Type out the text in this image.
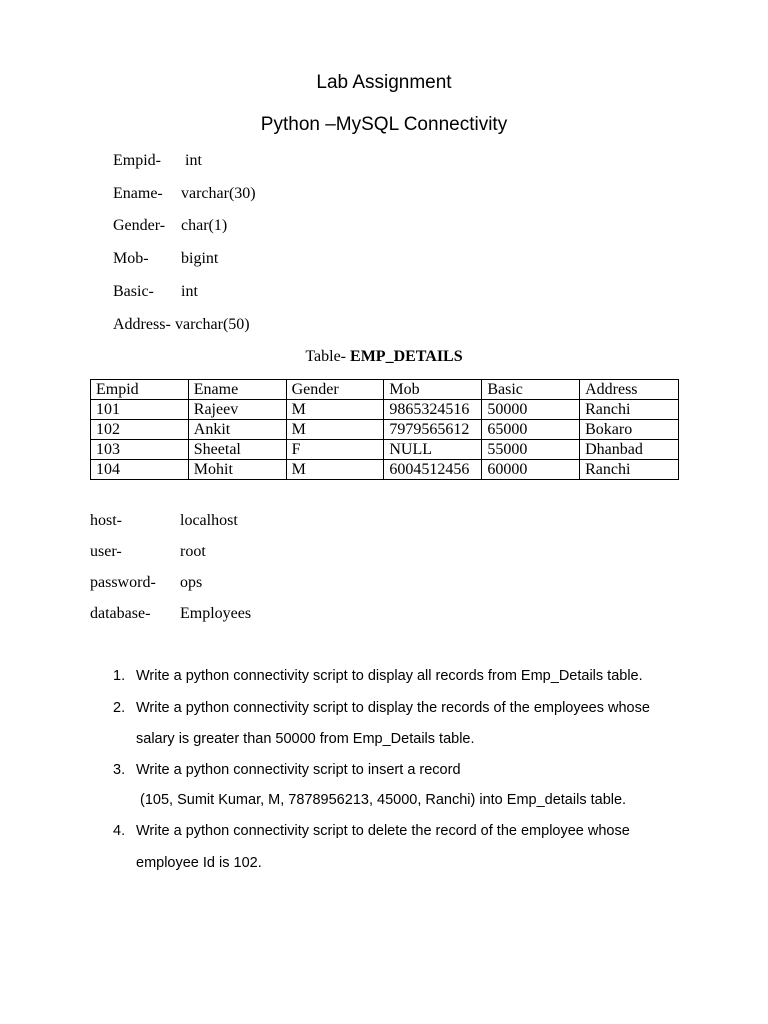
Lab Assignment
Python –MySQL Connectivity
Empid- int
Ename- varchar(30)
Gender- char(1)
Mob- bigint
Basic- int
Address- varchar(50)
Table- EMP_DETAILS
Empid	Ename	Gender	Mob	Basic	Address
101	Rajeev	M	9865324516	50000	Ranchi
102	Ankit	M	7979565612	65000	Bokaro
103	Sheetal	F	NULL	55000	Dhanbad
104	Mohit	M	6004512456	60000	Ranchi
host-	localhost
user-	root
password- ops
database- Employees
1. Write a python connectivity script to display all records from Emp_Details table.
2. Write a python connectivity script to display the records of the employees whose
salary is greater than 50000 from Emp_Details table.
3. Write a python connectivity script to insert a record
(105, Sumit Kumar, M, 7878956213, 45000, Ranchi) into Emp_details table.
4. Write a python connectivity script to delete the record of the employee whose
employee Id is 102.
